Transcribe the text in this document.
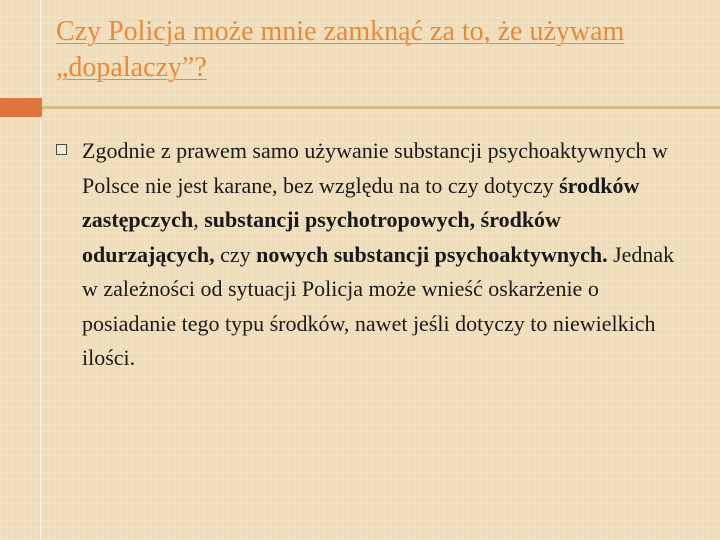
Czy Policja może mnie zamknąć za to, że używam „dopalaczy”?

Zgodnie z prawem samo używanie substancji psychoaktywnych w Polsce nie jest karane, bez względu na to czy dotyczy środków zastępczych, substancji psychotropowych, środków odurzających, czy nowych substancji psychoaktywnych. Jednak w zależności od sytuacji Policja może wnieść oskarżenie o posiadanie tego typu środków, nawet jeśli dotyczy to niewielkich ilości.
